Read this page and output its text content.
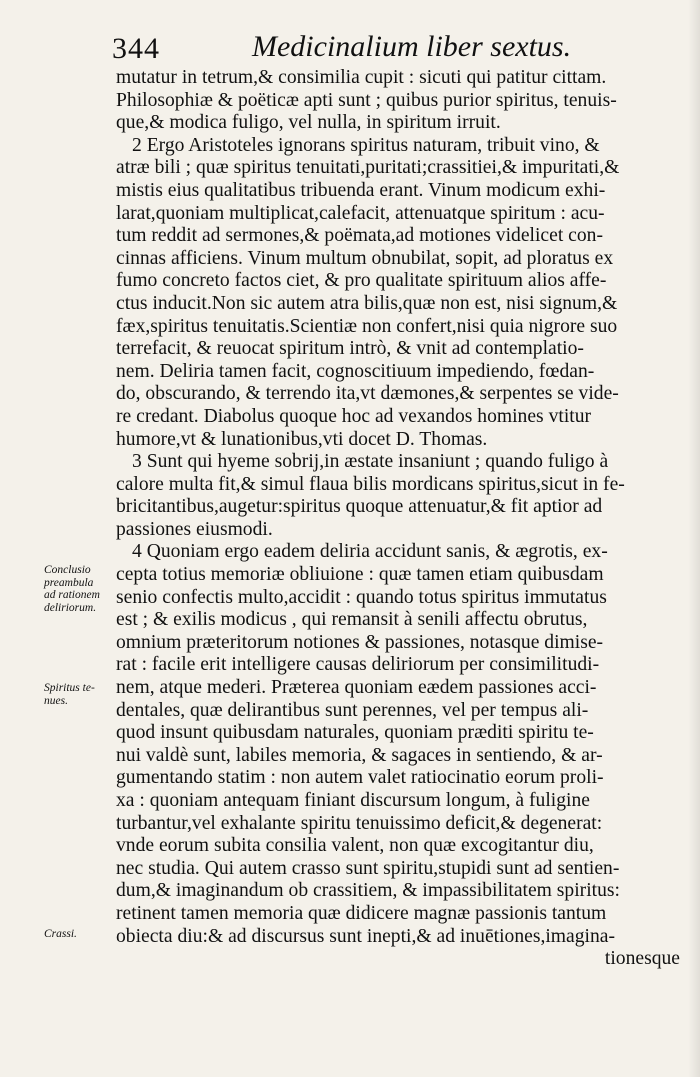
344	Medicinalium liber sextus.
Conclusio
preambula
ad rationem
deliriorum.
Spiritus te-
nues.
Crassi.
mutatur in tetrum,& consimilia cupit : sicuti qui patitur cittam.
Philosophiæ & poëticæ apti sunt ; quibus purior spiritus, tenuis-
que,& modica fuligo, vel nulla, in spiritum irruit.
2 Ergo Aristoteles ignorans spiritus naturam, tribuit vino, &
atræ bili ; quæ spiritus tenuitati,puritati;crassitiei,& impuritati,&
mistis eius qualitatibus tribuenda erant. Vinum modicum exhi-
larat,quoniam multiplicat,calefacit, attenuatque spiritum : acu-
tum reddit ad sermones,& poëmata,ad motiones videlicet con-
cinnas afficiens. Vinum multum obnubilat, sopit, ad ploratus ex
fumo concreto factos ciet, & pro qualitate spirituum alios affe-
ctus inducit.Non sic autem atra bilis,quæ non est, nisi signum,&
fæx,spiritus tenuitatis.Scientiæ non confert,nisi quia nigrore suo
terrefacit, & reuocat spiritum intrò, & vnit ad contemplatio-
nem. Deliria tamen facit, cognoscitiuum impediendo, fœdan-
do, obscurando, & terrendo ita,vt dæmones,& serpentes se vide-
re credant. Diabolus quoque hoc ad vexandos homines vtitur
humore,vt & lunationibus,vti docet D. Thomas.
3 Sunt qui hyeme sobrij,in æstate insaniunt ; quando fuligo à
calore multa fit,& simul flaua bilis mordicans spiritus,sicut in fe-
bricitantibus,augetur:spiritus quoque attenuatur,& fit aptior ad
passiones eiusmodi.
4 Quoniam ergo eadem deliria accidunt sanis, & ægrotis, ex-
cepta totius memoriæ obliuione : quæ tamen etiam quibusdam
senio confectis multo,accidit : quando totus spiritus immutatus
est ; & exilis modicus , qui remansit à senili affectu obrutus,
omnium præteritorum notiones & passiones, notasque dimise-
rat : facile erit intelligere causas deliriorum per consimilitudi-
nem, atque mederi. Præterea quoniam eædem passiones acci-
dentales, quæ delirantibus sunt perennes, vel per tempus ali-
quod insunt quibusdam naturales, quoniam præditi spiritu te-
nui valdè sunt, labiles memoria, & sagaces in sentiendo, & ar-
gumentando statim : non autem valet ratiocinatio eorum proli-
xa : quoniam antequam finiant discursum longum, à fuligine
turbantur,vel exhalante spiritu tenuissimo deficit,& degenerat:
vnde eorum subita consilia valent, non quæ excogitantur diu,
nec studia. Qui autem crasso sunt spiritu,stupidi sunt ad sentien-
dum,& imaginandum ob crassitiem, & impassibilitatem spiritus:
retinent tamen memoria quæ didicere magnæ passionis tantum
obiecta diu:& ad discursus sunt inepti,& ad inuētiones,imagina-
tionesque
